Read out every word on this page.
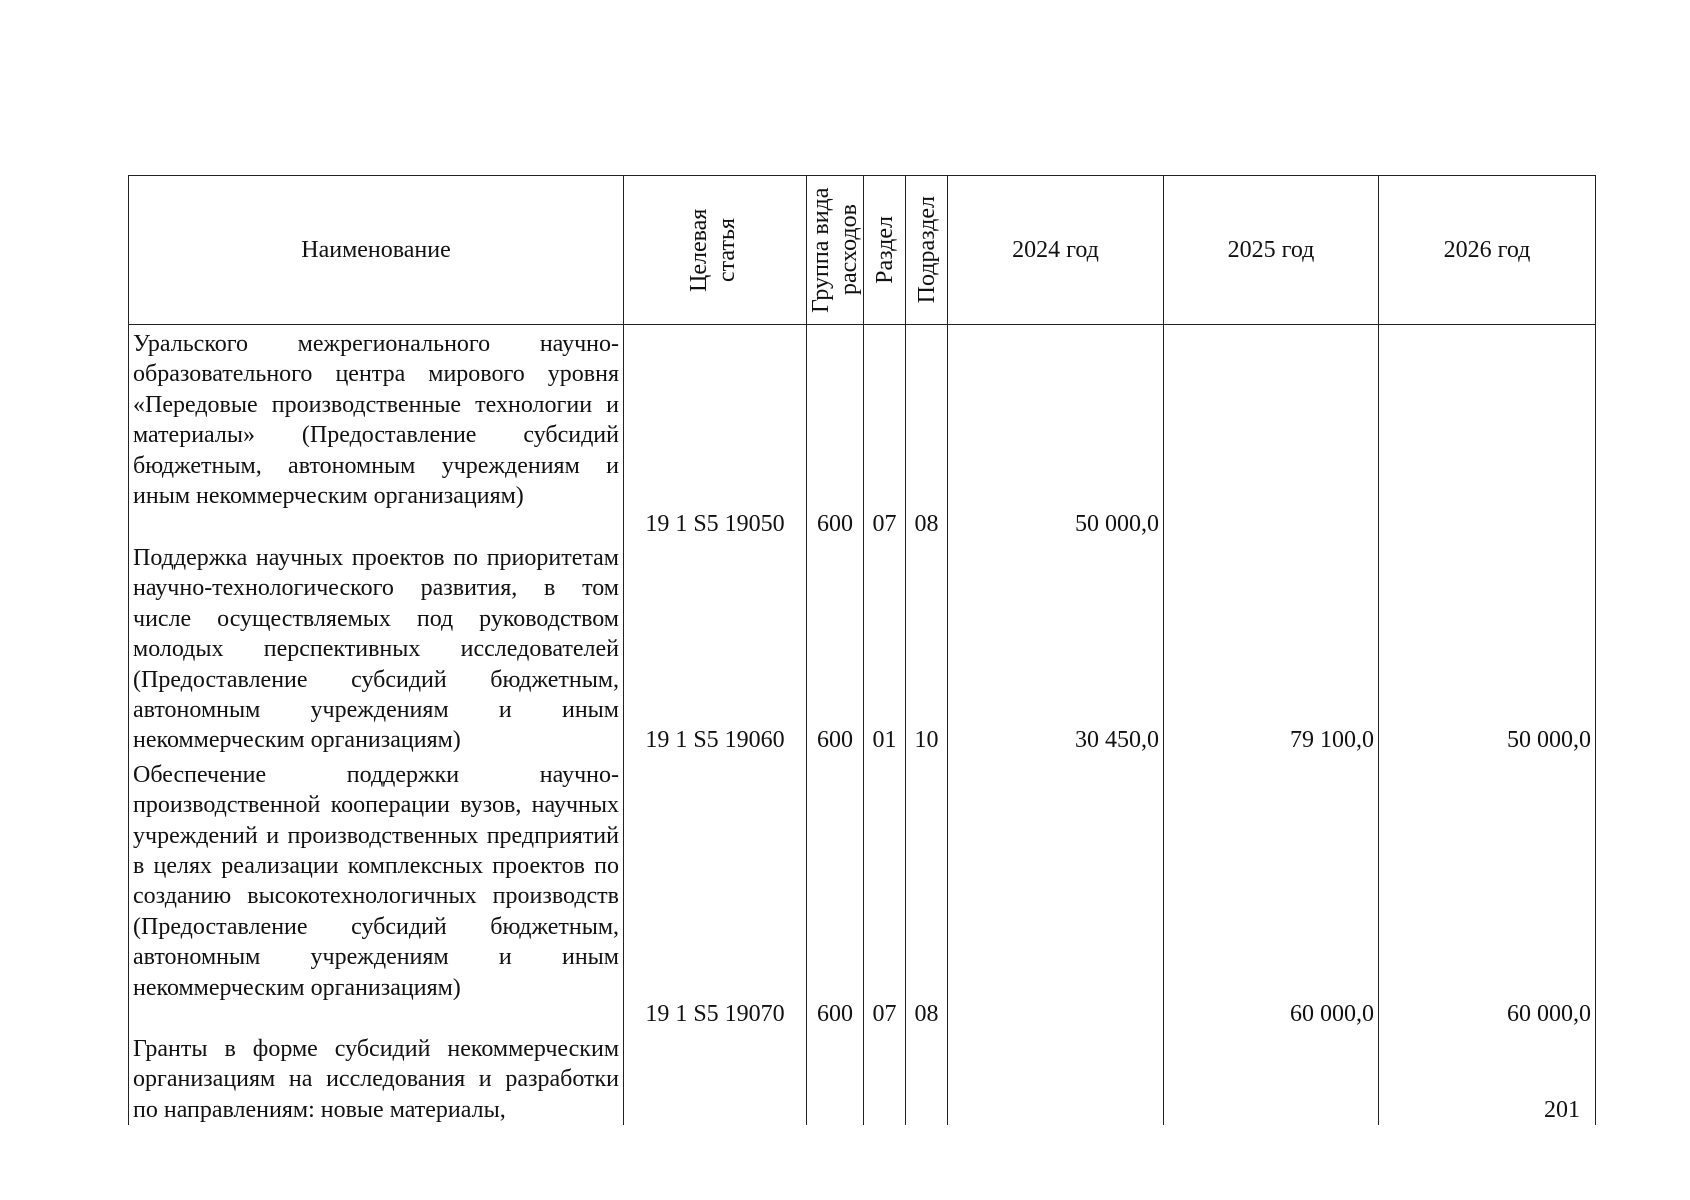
Наименование	Целевая статья	Группа вида расходов	Раздел	Подраздел	2024 год	2025 год	2026 год

Уральского межрегионального научно-образовательного центра мирового уровня «Передовые производственные технологии и материалы» (Предоставление субсидий бюджетным, автономным учреждениям и иным некоммерческим организациям)	19 1 S5 19050	600	07	08	50 000,0		
Поддержка научных проектов по приоритетам научно-технологического развития, в том числе осуществляемых под руководством молодых перспективных исследователей (Предоставление субсидий бюджетным, автономным учреждениям и иным некоммерческим организациям)	19 1 S5 19060	600	01	10	30 450,0	79 100,0	50 000,0
Обеспечение поддержки научно-производственной кооперации вузов, научных учреждений и производственных предприятий в целях реализации комплексных проектов по созданию высокотехнологичных производств (Предоставление субсидий бюджетным, автономным учреждениям и иным некоммерческим организациям)	19 1 S5 19070	600	07	08		60 000,0	60 000,0
Гранты в форме субсидий некоммерческим организациям на исследования и разработки по направлениям: новые материалы,								201
